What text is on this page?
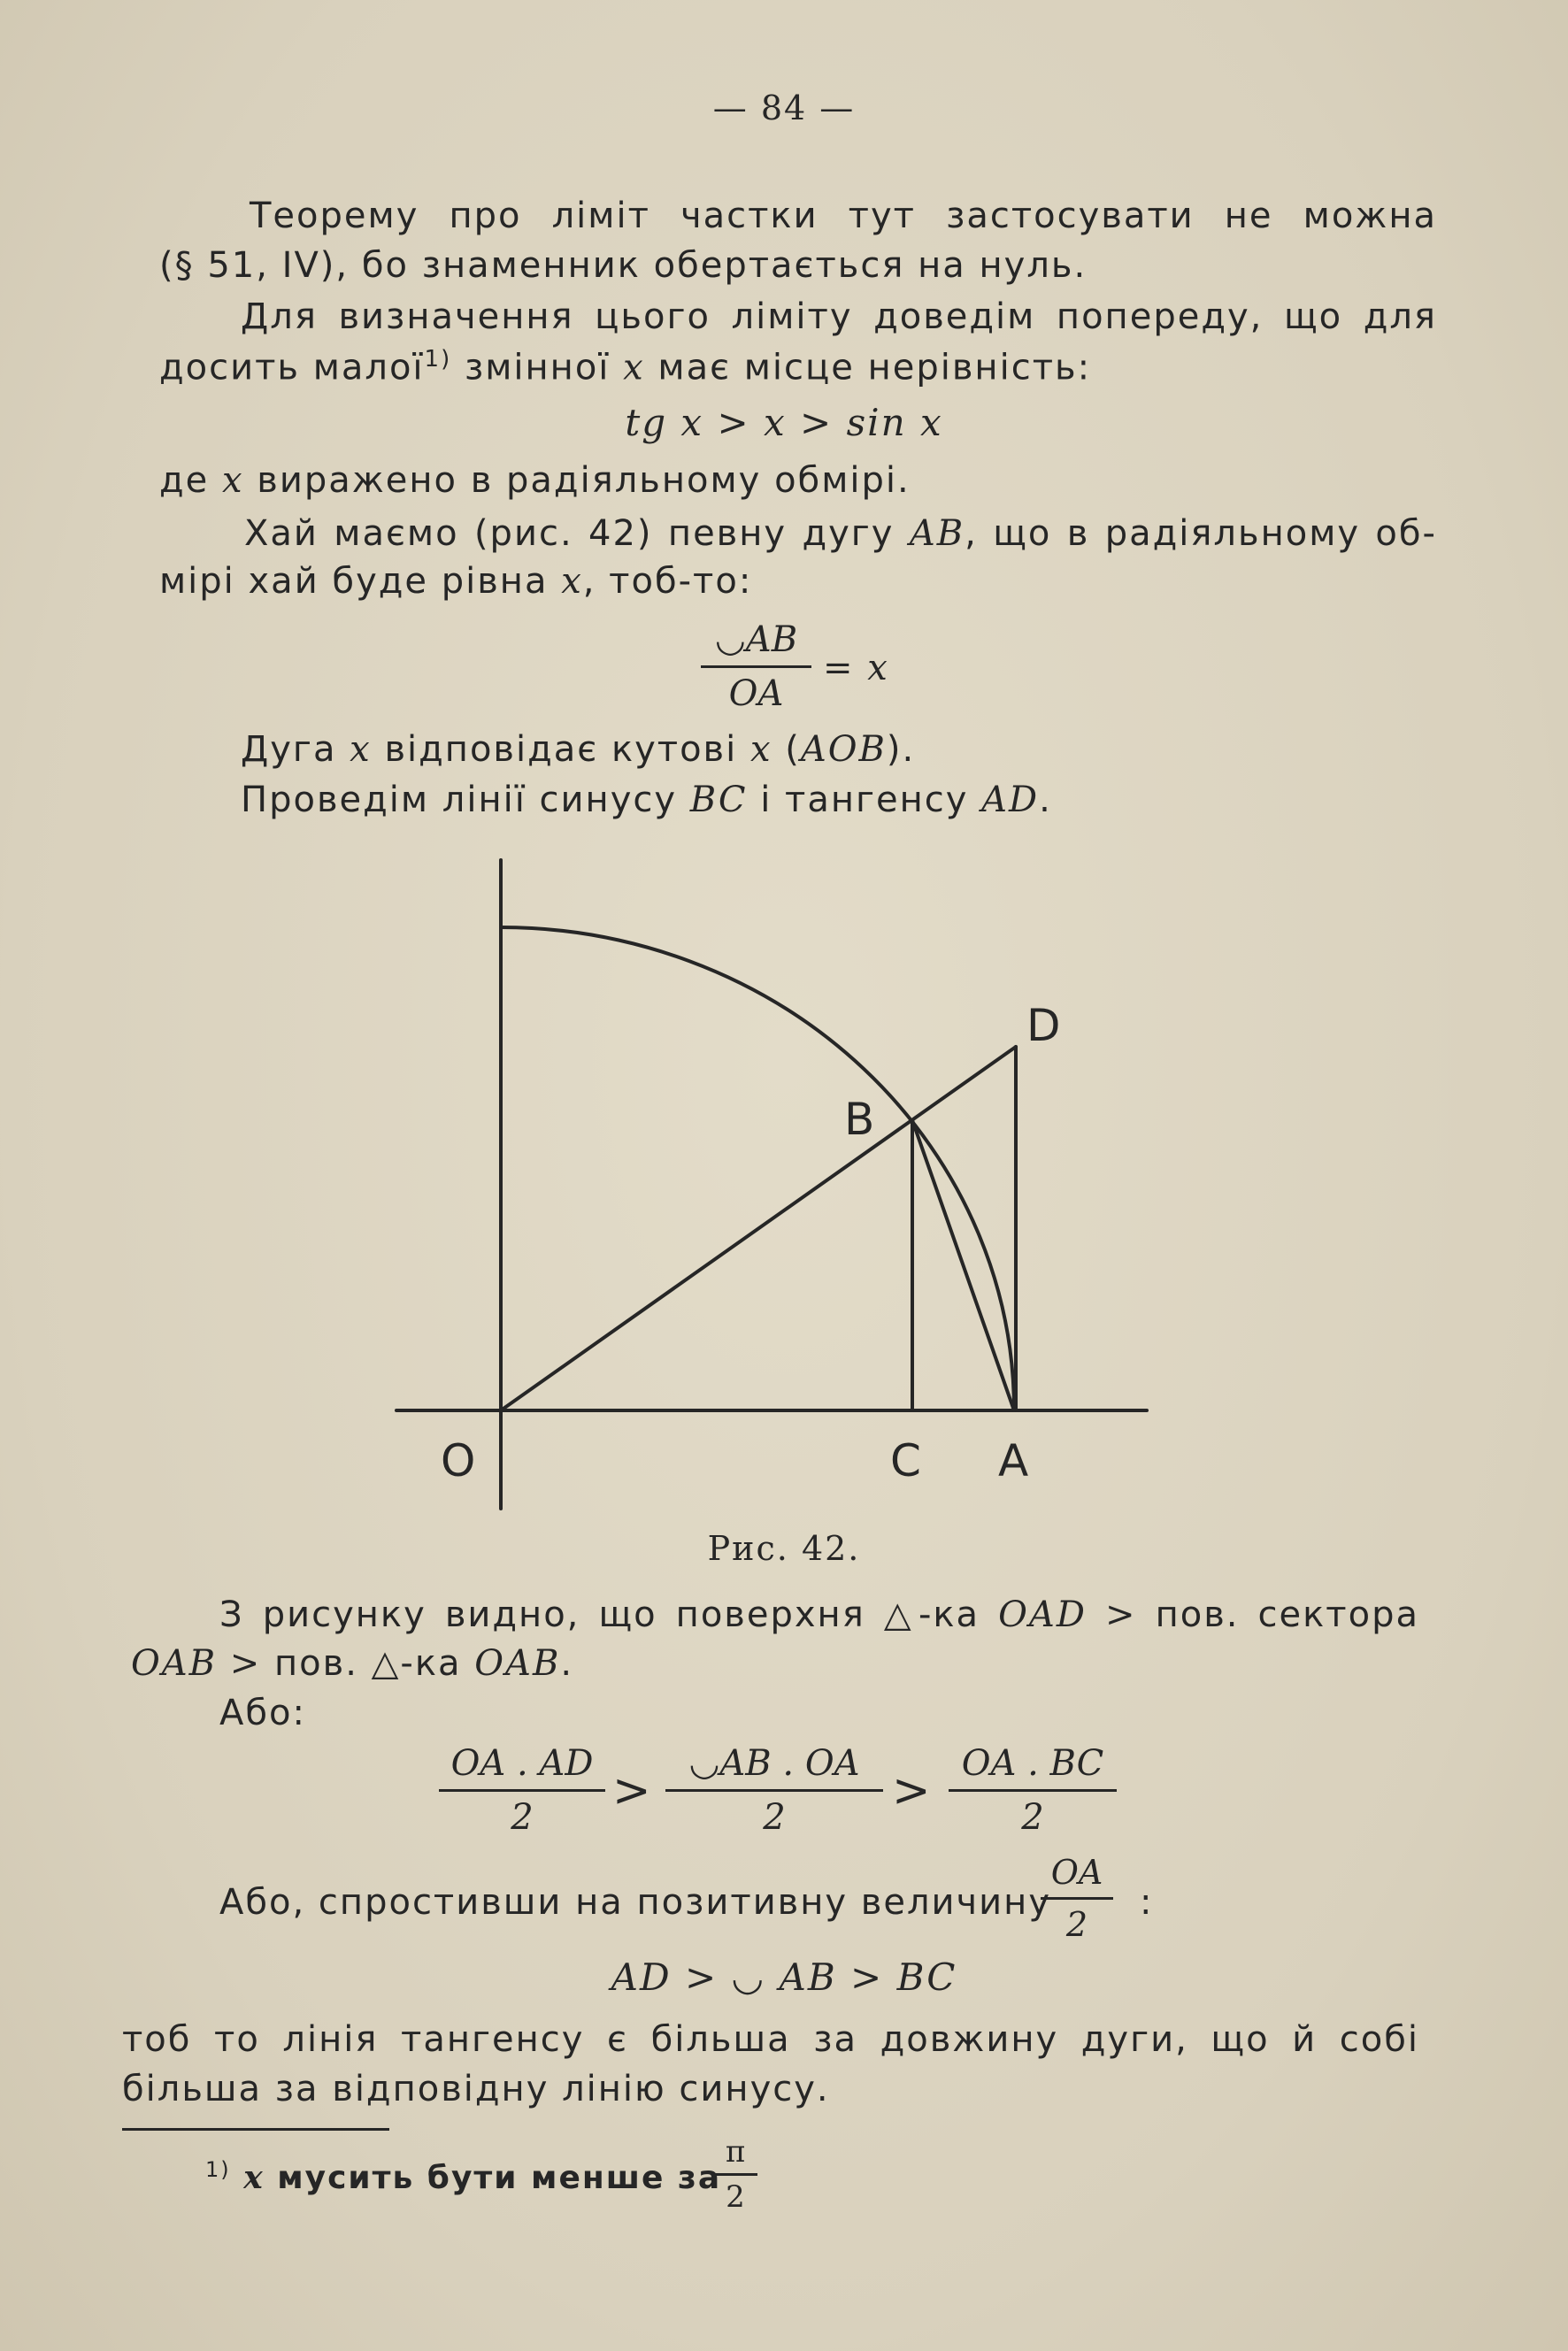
— 84 —
Теорему про ліміт частки тут застосувати не можна
(§ 51, IV), бо знаменник обертається на нуль.
Для визначення цього ліміту доведім попереду, що для
досить малої$^{1)}$ змінної x має місце нерівність:
tg x > x > sin x
де x виражено в радіяльному обмірі.
Хай маємо (рис. 42) певну дугу AB, що в радіяльному об-
мірі хай буде рівна x, тоб-то:
$\frac{◡AB}{OA} = x$
Дуга x відповідає кутові x (AOB).
Проведім лінії синусу BC і тангенсу AD.
O	C A
B
D
Рис. 42.
З рисунку видно, що поверхня △-ка OAD > пов. сектора
OAB > пов. △-ка OAB.
Або:
$\frac{OA . AD}{2} > \frac{◡AB . OA}{2} > \frac{OA . BC}{2}$
Або, спростивши на позитивну величину
$\frac{OA}{2}$ :
AD > ◡ AB > BC
тоб то лінія тангенсу є більша за довжину дуги, що й собі
більша за відповідну лінію синусу.
$^{1)}$ x мусить бути менше за
$\frac{\pi}{2}$
